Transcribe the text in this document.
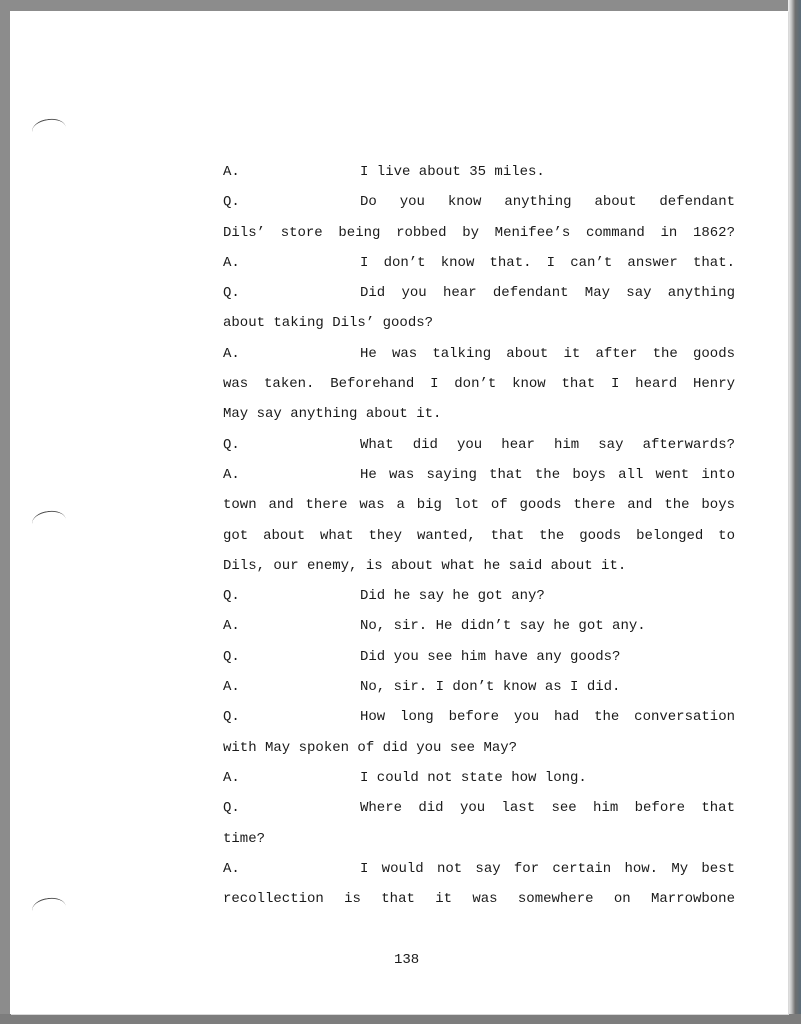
A.	I live about 35 miles.
Q.	Do you know anything about defendant
Dils’ store being robbed by Menifee’s command in 1862?
A.	I don’t know that. I can’t answer that.
Q.	Did you hear defendant May say anything
about taking Dils’ goods?
A.	He was talking about it after the goods
was taken. Beforehand I don’t know that I heard Henry
May say anything about it.
Q.	What did you hear him say afterwards?
A.	He was saying that the boys all went into
town and there was a big lot of goods there and the boys
got about what they wanted, that the goods belonged to
Dils, our enemy, is about what he said about it.
Q.	Did he say he got any?
A.	No, sir. He didn’t say he got any.
Q.	Did you see him have any goods?
A.	No, sir. I don’t know as I did.
Q.	How long before you had the conversation
with May spoken of did you see May?
A.	I could not state how long.
Q.	Where did you last see him before that
time?
A.	I would not say for certain how. My best
recollection is that it was somewhere on Marrowbone
138
